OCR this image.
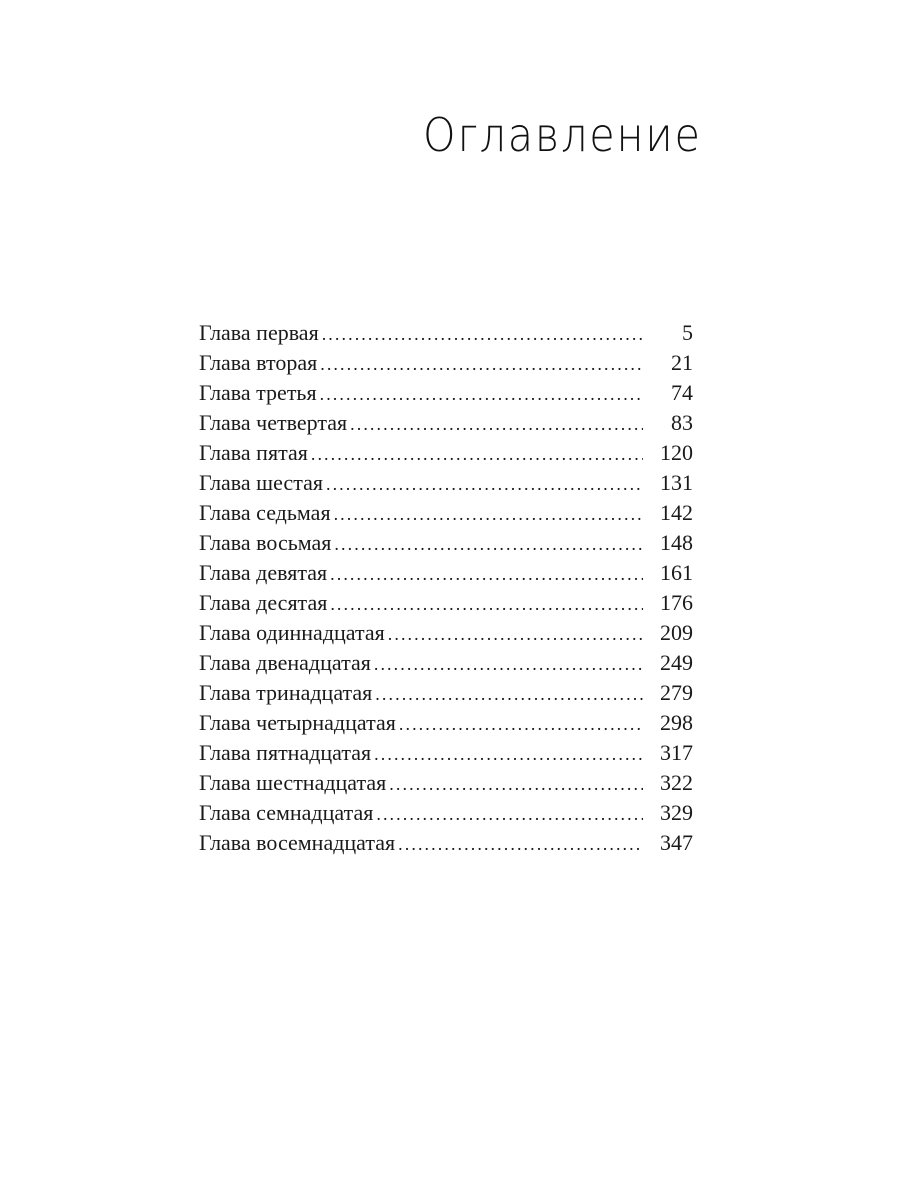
Оглавление
Глава первая . . .	5
Глава вторая . . .	21
Глава третья . . .	74
Глава четвертая . . .	83
Глава пятая . . .	120
Глава шестая . . .	131
Глава седьмая . . .	142
Глава восьмая . . .	148
Глава девятая . . .	161
Глава десятая . . .	176
Глава одиннадцатая . . .	209
Глава двенадцатая . . .	249
Глава тринадцатая . . .	279
Глава четырнадцатая . . .	298
Глава пятнадцатая . . .	317
Глава шестнадцатая . . .	322
Глава семнадцатая . . .	329
Глава восемнадцатая . . .	347
